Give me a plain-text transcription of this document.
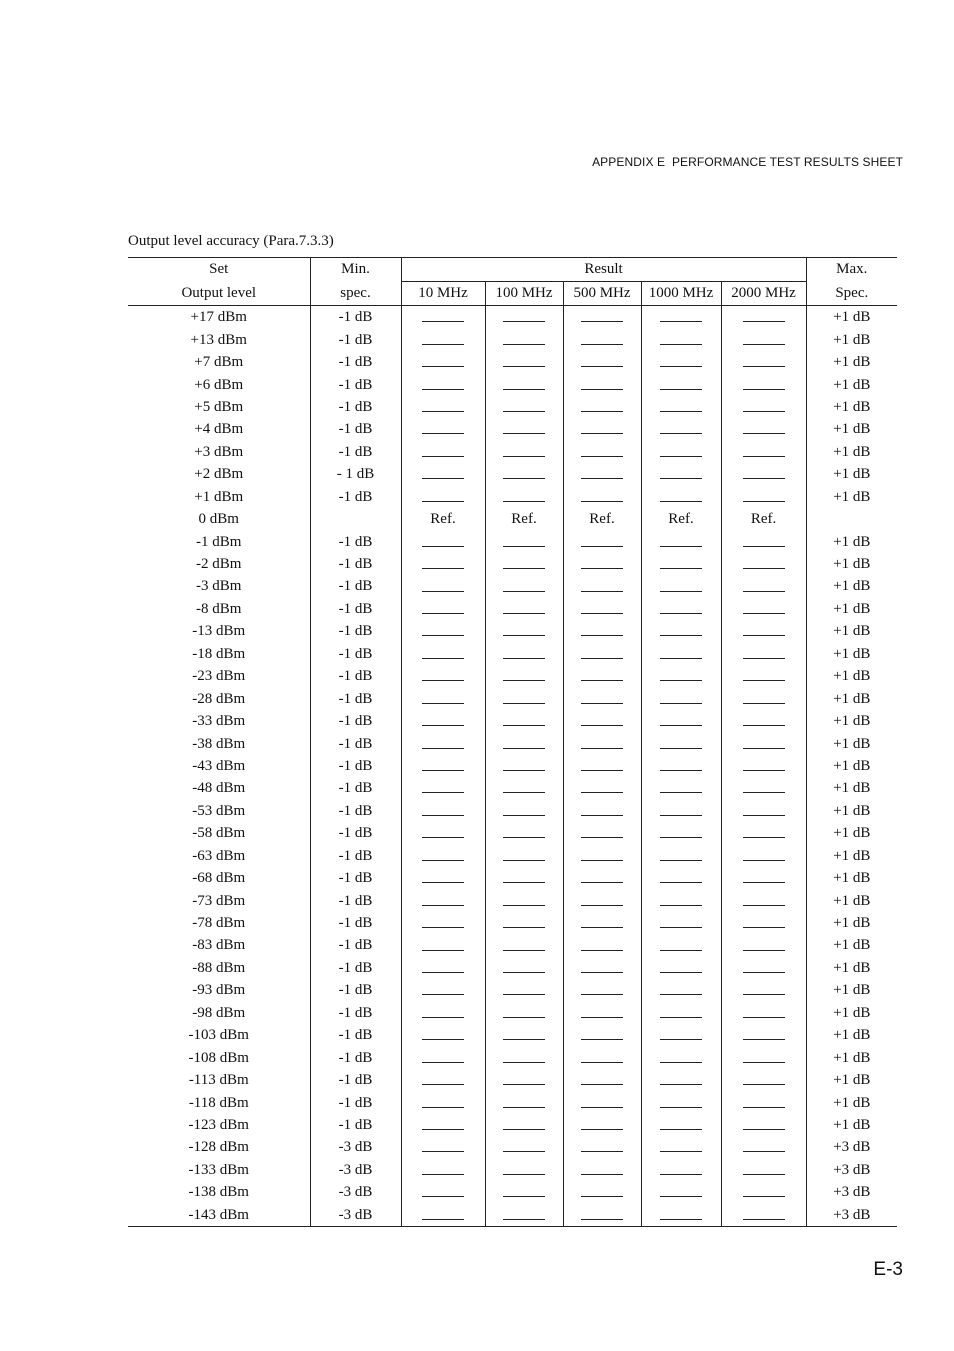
APPENDIX E  PERFORMANCE TEST RESULTS SHEET
Output level accuracy (Para.7.3.3)
Set	Min.	Result					Max.
Output level	spec.	10 MHz	100 MHz	500 MHz	1000 MHz	2000 MHz	Spec.
+17 dBm	-1 dB						+1 dB
+13 dBm	-1 dB						+1 dB
+7 dBm	-1 dB						+1 dB
+6 dBm	-1 dB						+1 dB
+5 dBm	-1 dB						+1 dB
+4 dBm	-1 dB						+1 dB
+3 dBm	-1 dB						+1 dB
+2 dBm	- 1 dB						+1 dB
+1 dBm	-1 dB						+1 dB
0 dBm		Ref.	Ref.	Ref.	Ref.	Ref.	
-1 dBm	-1 dB						+1 dB
-2 dBm	-1 dB						+1 dB
-3 dBm	-1 dB						+1 dB
-8 dBm	-1 dB						+1 dB
-13 dBm	-1 dB						+1 dB
-18 dBm	-1 dB						+1 dB
-23 dBm	-1 dB						+1 dB
-28 dBm	-1 dB						+1 dB
-33 dBm	-1 dB						+1 dB
-38 dBm	-1 dB						+1 dB
-43 dBm	-1 dB						+1 dB
-48 dBm	-1 dB						+1 dB
-53 dBm	-1 dB						+1 dB
-58 dBm	-1 dB						+1 dB
-63 dBm	-1 dB						+1 dB
-68 dBm	-1 dB						+1 dB
-73 dBm	-1 dB						+1 dB
-78 dBm	-1 dB						+1 dB
-83 dBm	-1 dB						+1 dB
-88 dBm	-1 dB						+1 dB
-93 dBm	-1 dB						+1 dB
-98 dBm	-1 dB						+1 dB
-103 dBm	-1 dB						+1 dB
-108 dBm	-1 dB						+1 dB
-113 dBm	-1 dB						+1 dB
-118 dBm	-1 dB						+1 dB
-123 dBm	-1 dB						+1 dB
-128 dBm	-3 dB						+3 dB
-133 dBm	-3 dB						+3 dB
-138 dBm	-3 dB						+3 dB
-143 dBm	-3 dB						+3 dB
E-3
